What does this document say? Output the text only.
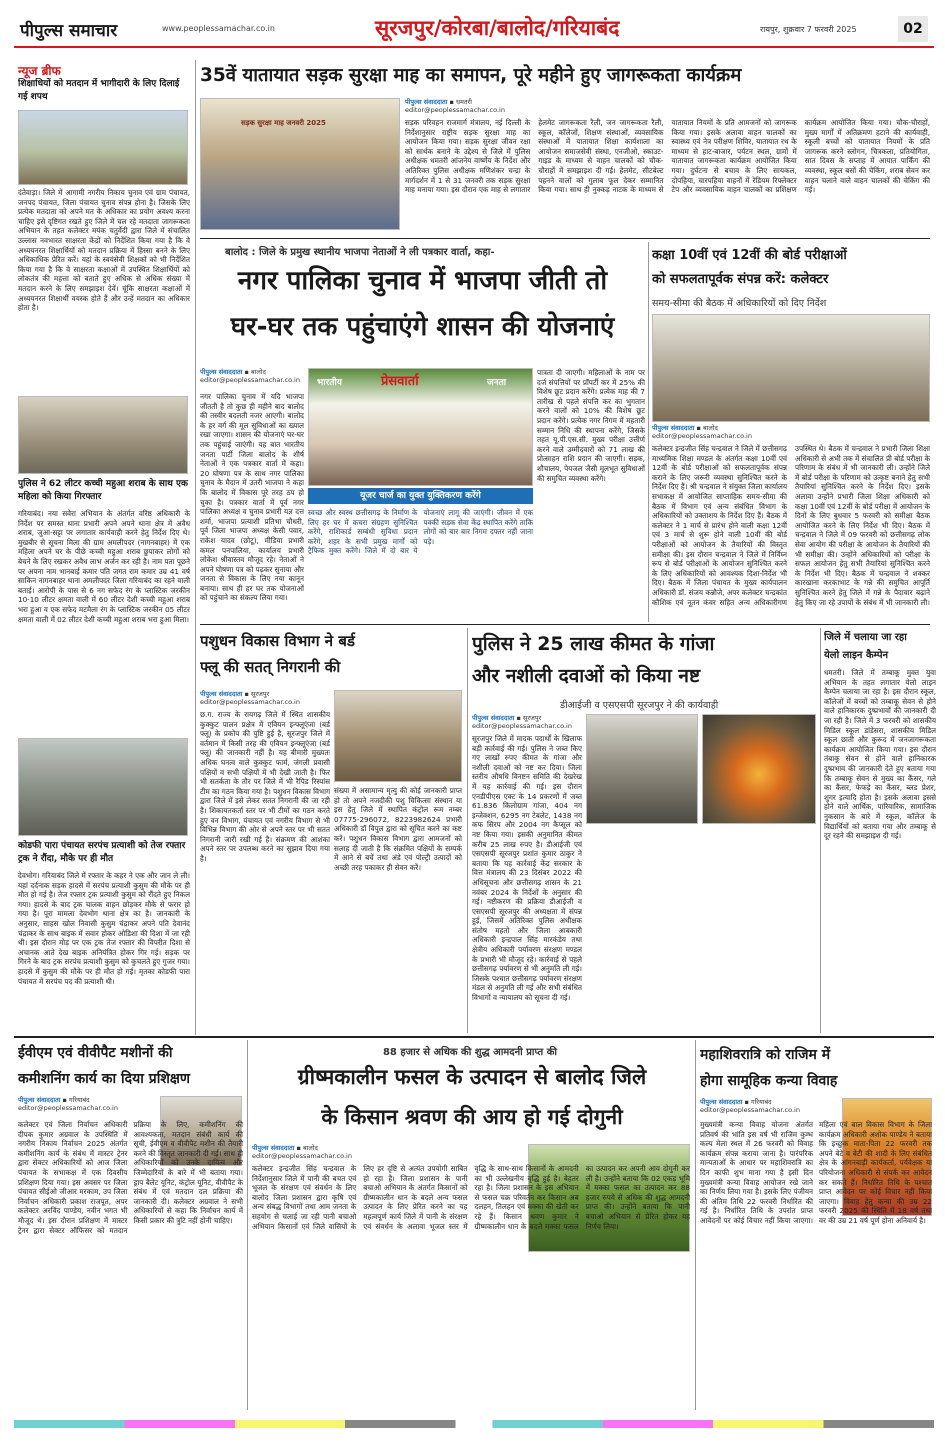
पीपुल्स समाचार	www.peoplessamachar.co.in	सूरजपुर/कोरबा/बालोद/गरियाबंद	रायपुर, शुक्रवार 7 फरवरी 2025	02
न्यूज ब्रीफ
शिक्षाधियों को मतदान में भागीदारी के लिए दिलाई गई शपथ
दंतेवाड़ा। जिले में आगामी नगरीय निकाय चुनाव एवं ग्राम पंचायत, जनपद पंचायत, जिला पंचायत चुनाव संपन्न होना है। जिसके लिए प्रत्येक मतदाता को अपने मत के अधिकार का प्रयोग अवश्य करना चाहिए इसे दृष्टिगत रखते हुए जिले में चल रहे मतदाता जागरूकता अभियान के तहत कलेक्टर मयंक चतुर्वेदी द्वारा जिले में संचालित उल्लास नवभारत साक्षरता केंद्रों को निर्देशित किया गया है कि वे अध्ययनरत शिक्षार्थियों को मतदान प्रक्रिया में हिस्सा बनने के लिए अधिकाधिक प्रेरित करें। यहां के स्वयंसेवी शिक्षकों को भी निर्देशित किया गया है कि वे साक्षरता कक्षाओं में उपस्थित शिक्षार्थियों को लोकतंत्र की महत्ता को बताते हुए अधिक से अधिक संख्या में मतदान करने के लिए समझाइश देवें। चूंकि साक्षरता कक्षाओं में अध्ययनरत शिक्षार्थी वयस्क होते हैं और उन्हें मतदान का अधिकार होता है।
पुलिस ने 62 लीटर कच्ची महुआ शराब के साथ एक महिला को किया गिरफ्तार
गरियाबंद। नया सवेरा अभियान के अंतर्गत वरिष्ठ अधिकारी के निर्देश पर समस्त थाना प्रभारी अपने अपने थाना क्षेत्र में अवैध शराब, जुआ-सट्टा पर लगातार कार्यवाही करने हेतु निर्देश दिए थे। मुखबीर से सूचना मिला की ग्राम अमलीपदर (नागनबाहर) में एक महिला अपने घर के पीछे कच्ची महुआ शराब छुपाकर लोगों को बेचने के लिए रखकर अवैध लाभ अर्जन कर रही है। नाम पता पूछने पर अपना नाम भानबाई कमार पति जगत राम कमार उम्र 41 वर्ष साकिन नागनबाहर थाना अमलीपदर जिला गरियाबंद का रहने वाली बताई। आरोपी के पास से 6 नग सफेद रंग के प्लास्टिक जरकीन 10-10 लीटर क्षमता वाली में 60 लीटर देशी कच्ची महुआ शराब भरा हुआ व एक सफेद मटमैला रंग के प्लास्टिक जरकीन 05 लीटर क्षमता वाली में 02 लीटर देशी कच्ची महुआ शराब भरा हुआ मिला।
कोडफी पारा पंचायत सरपंच प्रत्याशी को तेज रफ्तार ट्रक ने रौंदा, मौके पर ही मौत
देवभोग। गरियाबंद जिले में रफ्तार के कहर ने एक और जान ले ली। यहां दर्दनाक सड़क हादसे में सरपंच प्रत्याशी कुसुम की मौके पर ही मौत हो गई है। तेज रफ्तार ट्रक प्रत्याशी कुसुम को रौंदते हुए निकल गया। हादसे के बाद ट्रक चालक वाहन छोड़कर मौके से फरार हो गया है। पूरा मामला देवभोग थाना क्षेत्र का है। जानकारी के अनुसार, साहस खोल निवासी कुसुम चंद्राकर अपने पति देवानंद चंद्राकर के साथ बाइक में सवार होकर ओडिशा की दिशा में जा रही थी। इस दौरान मोड़ पर एक ट्रक तेज रफ्तार की विपरीत दिशा से अचानक आते देख बाइक अनियंत्रित होकर गिर गई। सड़क पर गिरने के बाद ट्रक सरपंच प्रत्याशी कुसुम को कुचलते हुए गुजर गया। हादसे में कुसुम की मौके पर ही मौत हो गई। मृतका कोडफी पारा पंचायत में सरपंच पद की प्रत्याशी थी।
35वें यातायात सड़क सुरक्षा माह का समापन, पूरे महीने हुए जागरूकता कार्यक्रम
सड़क सुरक्षा माह जनवरी 2025
पीपुल्स संवाददाता ▪ धमतरी
editor@peoplessamachar.co.in
सड़क परिवहन राजमार्ग मंत्रालय, नई दिल्ली के निर्देशानुसार राष्ट्रीय सड़क सुरक्षा माह का आयोजन किया गया। सड़क सुरक्षा जीवन रक्षा को सार्थक बनाने के उद्देश्य से जिले में पुलिस अधीक्षक धमतरी आंजनेय वार्ष्णेय के निर्देश और अतिरिक्त पुलिस अधीक्षक मणिशंकर चन्द्रा के मार्गदर्शन में 1 से 31 जनवरी तक सड़क सुरक्षा माह मनाया गया। इस दौरान एक माह से लगातार हेलमेट जागरूकता रैली, जन जागरूकता रैली, स्कूल, कॉलेजों, शिक्षण संस्थाओं, व्यवसायिक संस्थाओं में यातायात शिक्षा कार्यशाला का आयोजन समाजसेवी संस्था, एनजीओ, स्काउट-गाइड के माध्यम से वाहन चालकों को चौक-चौराहों में समझाइश दी गई। हेलमेट, सीटबेल्ट पहनने वालों को गुलाब फूल देकर सम्मानित किया गया। साथ ही नुक्कड़ नाटक के माध्यम से यातायात नियमों के प्रति आमजनों को जागरूक किया गया। इसके अलावा वाहन चालकों का स्वास्थ्य एवं नेत्र परीक्षण शिविर, यातायात रथ के माध्यम से हाट-बाजार, पर्यटन स्थल, ग्रामों में यातायात जागरूकता कार्यक्रम आयोजित किया गया। दुर्घटना से बचाव के लिए सायकल, दोपहिया, चारपहिया वाहनों में रेडियम रिफ्लेक्टर टेप और व्यवसायिक वाहन चालकों का प्रशिक्षण कार्यक्रम आयोजित किया गया। चौक-चौराहों, मुख्य मार्गों में अतिक्रमण हटाने की कार्यवाही, स्कूली बच्चों को यातायात नियमों के प्रति जागरूक करने स्लोगन, चित्रकला, प्रतियोगिता, सात दिवस के सप्ताह में आयात पार्किंग की व्यवस्था, स्कूल बसों की चेकिंग, शराब सेवन कर वाहन चलाने वाले वाहन चालकों की चेकिंग की गई।
बालोद : जिले के प्रमुख स्थानीय भाजपा नेताओं ने ली पत्रकार वार्ता, कहा-
नगर पालिका चुनाव में भाजपा जीती तो
घर-घर तक पहुंचाएंगे शासन की योजनाएं
पीपुल्स संवाददाता ▪ बालोद
editor@peoplessamachar.co.in
नगर पालिका चुनाव में यदि भाजपा जीतती है तो कुछ ही महीने बाद बालोद की तस्वीर बदलती नजर आएगी। बालोद के हर वर्ग की मूल सुविधाओं का ख्याल रखा जाएगा। शासन की योजनाएं घर-घर तक पहुंचाई जाएंगी। यह बात भारतीय जनता पार्टी जिला बालोद के शीर्ष नेताओं ने एक पत्रकार वार्ता में कहा। 20 घोषणा पत्र के साथ नगर पालिका चुनाव के मैदान में उतरी भाजपा ने कहा कि बालोद में विकास पूरे तरह ठप हो चुका है। पत्रकार वार्ता में पूर्व नगर पालिका अध्यक्ष व चुनाव प्रभारी यज्ञ दत्त शर्मा, भाजपा प्रत्याशी प्रतिभा चौधरी, पूर्व जिला भाजपा अध्यक्ष केसी पवार, राकेश यादव (छोटू), मीडिया प्रभारी कमल पनपालिया, कार्यालय प्रभारी लोकेश श्रीवास्तव मौजूद रहे। नेताओं ने अपने घोषणा पत्र को पढ़कर सुनाया और जनता से विकास के लिए नया कानून बनाया। साथ ही हर घर तक योजनाओं को पहुंचाने का संकल्प लिया गया।
भारतीय	प्रेसवार्ता	जनता
यूजर चार्ज का युक्त युक्तिकरण करेंगे
स्वच्छ और स्वस्थ छत्तीसगढ़ के निर्माण के लिए हर घर में कचरा संग्रहण सुनिश्चित करेंगे, राशिकार्ड सम्बंधी सुविधा प्रदान करेंगे, शहर के सभी प्रमुख मार्गों को ट्रैफिक मुक्त करेंगे। जिले में दो बार ये योजनाएं लागू की जाएंगी। जीवन में एक पक्की सड़क सेवा केंद्र स्थापित करेंगे ताकि लोगों को बार बार निगम दफ्तर नहीं जाना पड़े।
पात्रता दी जाएगी। महिलाओं के नाम पर दर्ज संपत्तियों पर प्रॉपर्टी कर में 25% की विशेष छूट प्रदान करेंगे। प्रत्येक माह की 7 तारीख से पहले संपत्ति कर का भुगतान करने वालों को 10% की विशेष छूट प्रदान करेंगे। प्रत्येक नगर निगम में महतारी सम्मान निधि की स्थापना करेंगे, जिसके तहत यू.पी.एस.सी. मुख्य परीक्षा उत्तीर्ण करने वाले उम्मीदवारों को 71 लाख की प्रोत्साहन राशि प्रदान की जाएगी। सड़क, शौचालय, पेयजल जैसी मूलभूत सुविधाओं की समुचित व्यवस्था करेंगे।
कक्षा 10वीं एवं 12वीं की बोर्ड परीक्षाओं
को सफलतापूर्वक संपन्न करें: कलेक्टर
समय-सीमा की बैठक में अधिकारियों को दिए निर्देश
पीपुल्स संवाददाता ▪ बालोद
editor@peoplessamachar.co.in
कलेक्टर इन्द्रजीत सिंह चन्द्रवाल ने जिले में छत्तीसगढ़ माध्यमिक शिक्षा मण्डल के अंतर्गत कक्षा 10वीं एवं 12वीं के बोर्ड परीक्षाओं को सफलतापूर्वक संपन्न कराने के लिए जरूरी व्यवस्था सुनिश्चित करने के निर्देश दिए हैं। श्री चन्द्रवाल ने संयुक्त जिला कार्यालय सभाकक्ष में आयोजित साप्ताहिक समय-सीमा की बैठक में विभाग एवं अन्य संबंधित विभाग के अधिकारियों को उक्ताशय के निर्देश दिए हैं। बैठक में कलेक्टर ने 1 मार्च से प्रारंभ होने वाली कक्षा 12वीं एवं 3 मार्च से शुरू होने वाली 10वीं की बोर्ड परीक्षाओं को आयोजन के तैयारियों की विस्तृत समीक्षा की। इस दौरान चन्द्रवाल ने जिले में निर्विघ्न रूप से बोर्ड परीक्षाओं के आयोजन सुनिश्चित करने के लिए अधिकारियों को आवश्यक दिशा-निर्देश भी दिए। बैठक में जिला पंचायत के मुख्य कार्यपालन अधिकारी डॉ. संजय कन्नौजे, अपर कलेक्टर चन्द्रकांत कौशिक एवं नूतन कंवर सहित अन्य अधिकारीगण उपस्थित थे। बैठक में चन्द्रवाल ने प्रभारी जिला शिक्षा अधिकारी से अभी तक में संचालित प्री बोर्ड परीक्षा के परिणाम के संबंध में भी जानकारी ली। उन्होंने जिले में बोर्ड परीक्षा के परिणाम को उत्कृष्ट बनाने हेतु सभी तैयारियां सुनिश्चित करने के निर्देश दिए। इसके अलावा उन्होंने प्रभारी जिला शिक्षा अधिकारी को कक्षा 10वीं एवं 12वीं के बोर्ड परीक्षा में आयोजन के दिनों के लिए बुधवार 5 फरवरी को समीक्षा बैठक आयोजित करने के लिए निर्देश भी दिए। बैठक में चन्द्रवाल ने जिले में 09 फरवरी को छत्तीसगढ़ लोक सेवा आयोग की परीक्षा के आयोजन के तैयारियों की भी समीक्षा की। उन्होंने अधिकारियों को परीक्षा के सफल आयोजन हेतु सभी तैयारियां सुनिश्चित करने के निर्देश भी दिए। बैठक में चन्द्रवाल ने शक्कर कारखाना करकाभाट के गन्ने की समुचित आपूर्ति सुनिश्चित करने हेतु जिले में गन्ने के पैदावार बढ़ाने हेतु किए जा रहे उपायों के संबंध में भी जानकारी ली।
पशुधन विकास विभाग ने बर्ड
फ्लू की सतत् निगरानी की
पीपुल्स संवाददाता ▪ सूरजपुर
editor@peoplessamachar.co.in
छ.ग. राज्य के रायगढ़ जिले में स्थित शासकीय कुक्कुट पालन प्रक्षेत्र में एवियन इन्फ्लूएंजा (बर्ड फ्लू) के प्रकोप की पुष्टि हुई है, सूरजपुर जिले में वर्तमान में किसी तरह की एवियन इन्फ्लूएंजा (बर्ड फ्लू) की जानकारी नहीं है। यह बीमारी मुख्यतः अधिक घनत्व वाले कुक्कुट फार्म, जंगली प्रवासी पक्षियों व सभी पक्षियों में भी देखी जाती है। फिर भी सतर्कता के तौर पर जिले में भी रैपिड रिस्पांस टीम का गठन किया गया है। पशुधन विकास विभाग द्वारा जिले में इसे लेकर सतत निगरानी की जा रही है। शिकायतकर्ता स्तर पर भी टीमों का गठन करते हुए वन विभाग, पंचायत एवं नगरीय विभाग से भी विभिन्न विभाग की ओर से अपने स्तर पर भी सतत निगरानी जारी रखी गई है। संक्रमण की आशंका अपने स्तर पर उपलब्ध करने का सुझाव दिया गया है।
संख्या में असामान्य मृत्यु की कोई जानकारी प्राप्त हो तो अपने नजदीकी पशु चिकित्सा संस्थान या इस हेतु जिले में स्थापित कंट्रोल रूम नम्बर 07775-296072, 8223982624 प्रभारी अधिकारी डॉ विपुल द्वारा को सूचित करने का कष्ट करें। पशुधन विकास विभाग द्वारा आमजनों को सलाह दी जाती है कि संक्रमित पक्षियों के सम्पर्क में आने से बचें तथा अंडे एवं पोल्ट्री उत्पादों को अच्छी तरह पकाकर ही सेवन करें।
पुलिस ने 25 लाख कीमत के गांजा
और नशीली दवाओं को किया नष्ट
डीआईजी व एसएसपी सूरजपुर ने की कार्यवाही
पीपुल्स संवाददाता ▪ सूरजपुर
editor@peoplessamachar.co.in
सूरजपुर जिले में मादक पदार्थों के खिलाफ बड़ी कार्रवाई की गई। पुलिस ने जब्त किए गए लाखों रुपए कीमत के गांजा और नशीली दवाओं को नष्ट कर दिया। जिला स्तरीय औषधि विनष्टन समिति की देखरेख में यह कार्रवाई की गई। इस दौरान एनडीपीएस एक्ट के 14 प्रकरणों में जब्त 61.836 किलोग्राम गांजा, 404 नग इन्जेक्शन, 6295 नग टेबलेट, 1438 नग कफ सिरप और 2004 नग कैप्सूल को नष्ट किया गया। इसकी अनुमानित कीमत करीब 25 लाख रुपए है। डीआईजी एवं एसएसपी सूरजपुर प्रशांत कुमार ठाकुर ने बताया कि यह कार्रवाई केंद्र सरकार के वित्त मंत्रालय की 23 दिसंबर 2022 की अधिसूचना और छत्तीसगढ़ शासन के 21 नवंबर 2024 के निर्देशों के अनुसार की गई। नष्टीकरण की प्रक्रिया डीआईजी व एसएसपी सूरजपुर की अध्यक्षता में संपन्न हुई, जिसमें अतिरिक्त पुलिस अधीक्षक संतोष महतो और जिला आबकारी अधिकारी इन्द्रपाल सिंह मारकंडेय तथा क्षेत्रीय अधिकारी पर्यावरण संरक्षण मण्डल के प्रभारी भी मौजूद रहे। कार्रवाई से पहले छत्तीसगढ़ पर्यावरण से भी अनुमति ली गई। जिसके पश्चात छत्तीसगढ़ पर्यावरण संरक्षण मंडल से अनुमति ली गई और सभी संबंधित विभागों व न्यायालय को सूचना दी गई।
जिले में चलाया जा रहा
येलो लाइन कैम्पेन
धमतरी। जिले में तम्बाकू मुक्त युवा अभियान के तहत लगातार येलो लाइन कैम्पेन चलाया जा रहा है। इस दौरान स्कूल, कॉलेजों में बच्चों को तम्बाकू सेवन से होने वाले हानिकारक दुष्प्रभावों की जानकारी दी जा रही है। जिले में 3 फरवरी को शासकीय मिडिल स्कूल डांडेसरा, शासकीय मिडिल स्कूल छाती और कुरूद में जनजागरूकता कार्यक्रम आयोजित किया गया। इस दौरान तंबाकू सेवन से होने वाले हानिकारक दुष्प्रभाव की जानकारी देते हुए बताया गया कि तम्बाकू सेवन से मुख्य का कैंसर, गले का कैंसर, फेफड़े का कैंसर, ब्लड प्रेशर, शुगर इत्यादि होता है। इसके अलावा इससे होने वाले आर्थिक, पारिवारिक, सामाजिक नुकसान के बारे में स्कूल, कॉलेज के विद्यार्थियों को बताया गया और तम्बाकू से दूर रहने की समझाइश दी गई।
ईवीएम एवं वीवीपैट मशीनों की
कमीशनिंग कार्य का दिया प्रशिक्षण
पीपुल्स संवाददाता ▪ गरियाबंद
editor@peoplessamachar.co.in
कलेक्टर एवं जिला निर्वाचन अधिकारी दीपक कुमार अग्रवाल के उपस्थिति में नगरीय निकाय निर्वाचन 2025 अंतर्गत कमीशनिंग कार्य के संबंध में मास्टर ट्रेनर द्वारा सेक्टर अधिकारियों को आज जिला पंचायत के सभाकक्ष में एक दिवसीय प्रशिक्षण दिया गया। इस अवसर पर जिला पंचायत सीईओ जीआर मरकाम, उप जिला निर्वाचन अधिकारी प्रकाश राजपूत, अपर कलेक्टर अरविंद पाण्डेय, नवीन भगत भी मौजूद थे। इस दौरान प्रशिक्षण में मास्टर ट्रेनर द्वारा सेक्टर ऑफिसर को मतदान प्रक्रिया के लिए, कमीशनिंग की आवश्यकता, मतदान संबंधी कार्य की सूची, ईवीएम व वीवीपैट मशीन की तैयारी करने की विस्तृत जानकारी दी गई। साथ ही अधिकारियों को उनके दायित्व और जिम्मेदारियों के बारे में भी बताया गया। ड्राप बैलेट यूनिट, कंट्रोल यूनिट, वीवीपैट के संबंध में एवं मतदान दल प्रक्रिया की जानकारी दी। कलेक्टर अग्रवाल ने सभी अधिकारियों से कहा कि निर्वाचन कार्य में किसी प्रकार की त्रुटि नहीं होनी चाहिए।
88 हजार से अधिक की शुद्ध आमदनी प्राप्त की
ग्रीष्मकालीन फसल के उत्पादन से बालोद जिले
के किसान श्रवण की आय हो गई दोगुनी
पीपुल्स संवाददाता ▪ बालोद
editor@peoplessamachar.co.in
कलेक्टर इन्द्रजीत सिंह चन्द्रवाल के निर्देशानुसार जिले में पानी की बचत एवं भूजल के संरक्षण एवं संवर्धन के लिए बालोद जिला प्रशासन द्वारा कृषि एवं अन्य संबद्ध विभागों तथा आम जनता के सहयोग से चलाई जा रही पानी बचाओ अभियान किसानों एवं जिले वासियों के लिए हर दृष्टि से अत्यंत उपयोगी साबित हो रहा है। जिला प्रशासन के पानी बचाओ अभियान के अंतर्गत किसानों को ग्रीष्मकालीन धान के बदले अन्य फसल उत्पादन के लिए प्रेरित करने का यह महत्वपूर्ण कार्य जिले में पानी के संरक्षण एवं संवर्धन के अलावा भूजल स्तर में वृद्धि के साथ-साथ किसानों के आमदनी का भी उल्लेखनीय वृद्धि हुई है। बेहतर रहा है। जिला प्रशासन के इस अभियान से फसल चक्र परिवर्तन कर किसान अब दलहन, तिलहन एवं मक्का की खेती कर रहे हैं। किसान श्रवण कुमार ने ग्रीष्मकालीन धान के बदले मक्का फसल का उत्पादन कर अपनी आय दोगुनी कर ली है। उन्होंने बताया कि 02 एकड़ भूमि में मक्का फसल का उत्पादन कर 88 हजार रुपये से अधिक की शुद्ध आमदनी प्राप्त की। उन्होंने बताया कि पानी बचाओ अभियान से प्रेरित होकर यह निर्णय लिया।
महाशिवरात्रि को राजिम में
होगा सामूहिक कन्या विवाह
पीपुल्स संवाददाता ▪ गरियाबंद
editor@peoplessamachar.co.in
मुख्यमंत्री कन्या विवाह योजना अंतर्गत प्रतिवर्ष की भांति इस वर्ष भी राजिम कुम्भ कल्प मेला स्थल में 26 फरवरी को विवाह कार्यक्रम संपन्न कराया जाना है। पारंपरिक मान्यताओं के आधार पर महाशिवरात्रि का दिन काफी शुभ माना गया है इसी दिन मुख्यमंत्री कन्या विवाह आयोजन रखे जाने का निर्णय लिया गया है। इसके लिए पंजीयन की अंतिम तिथि 22 फरवरी निर्धारित की गई है। निर्धारित तिथि के उपरांत प्राप्त आवेदनों पर कोई विचार नहीं किया जाएगा। महिला एवं बाल विकास विभाग के जिला कार्यक्रम अधिकारी अशोक पाण्डेय ने बताया कि इच्छुक माता-पिता 22 फरवरी तक अपने बेटे व बेटी की शादी के लिए संबंधित क्षेत्र के आंगनबाड़ी कार्यकर्ता, पर्यवेक्षक या परियोजना अधिकारी से संपर्क कर आवेदन कर सकते हैं। निर्धारित तिथि के पश्चात प्राप्त आवेदन पर कोई विचार नहीं किया जाएगा। विवाह हेतु कन्या की उम्र 22 फरवरी 2025 की स्थिति में 18 वर्ष तथा वर की उम्र 21 वर्ष पूर्ण होना अनिवार्य है।
